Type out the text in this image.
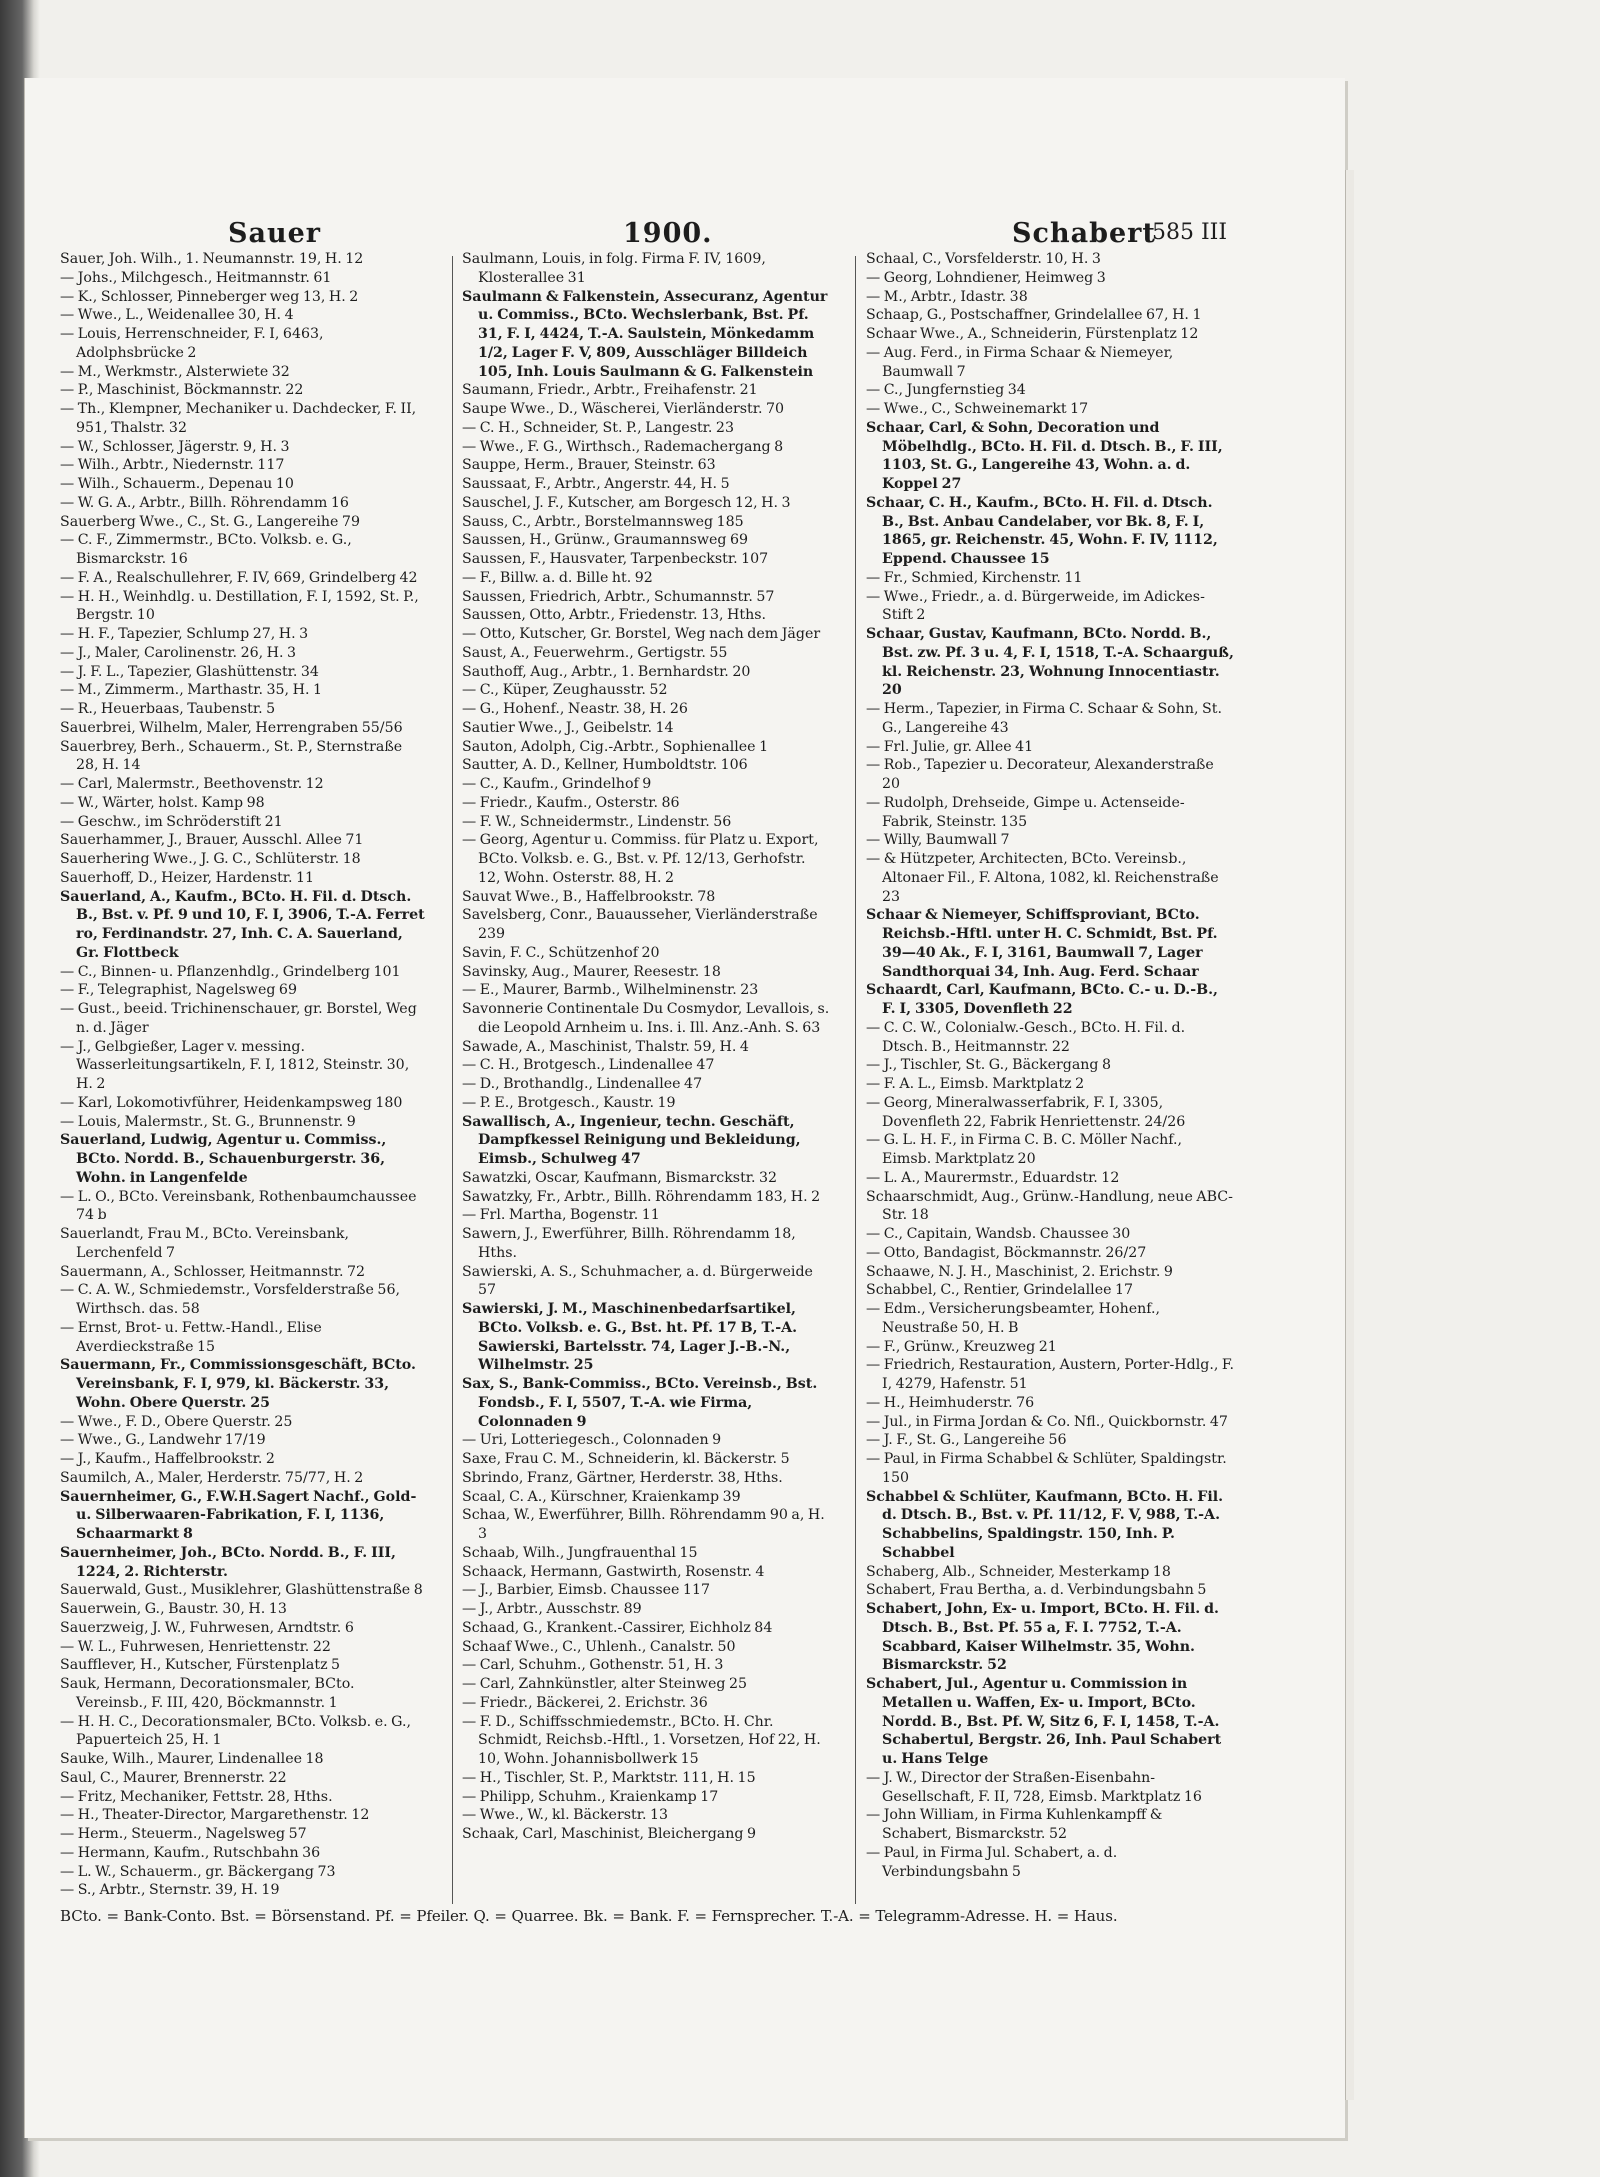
Sauer	1900.	Schabert
585 III
Sauer, Joh. Wilh., 1. Neumannstr. 19, H. 12
— Johs., Milchgesch., Heitmannstr. 61
— K., Schlosser, Pinneberger weg 13, H. 2
— Wwe., L., Weidenallee 30, H. 4
— Louis, Herrenschneider, F. I, 6463, Adolphsbrücke 2
— M., Werkmstr., Alsterwiete 32
— P., Maschinist, Böckmannstr. 22
— Th., Klempner, Mechaniker u. Dachdecker, F. II, 951, Thalstr. 32
— W., Schlosser, Jägerstr. 9, H. 3
— Wilh., Arbtr., Niedernstr. 117
— Wilh., Schauerm., Depenau 10
— W. G. A., Arbtr., Billh. Röhrendamm 16
Sauerberg Wwe., C., St. G., Langereihe 79
— C. F., Zimmermstr., BCto. Volksb. e. G., Bismarckstr. 16
— F. A., Realschullehrer, F. IV, 669, Grindelberg 42
— H. H., Weinhdlg. u. Destillation, F. I, 1592, St. P., Bergstr. 10
— H. F., Tapezier, Schlump 27, H. 3
— J., Maler, Carolinenstr. 26, H. 3
— J. F. L., Tapezier, Glashüttenstr. 34
— M., Zimmerm., Marthastr. 35, H. 1
— R., Heuerbaas, Taubenstr. 5
Sauerbrei, Wilhelm, Maler, Herrengraben 55/56
Sauerbrey, Berh., Schauerm., St. P., Sternstraße 28, H. 14
— Carl, Malermstr., Beethovenstr. 12
— W., Wärter, holst. Kamp 98
— Geschw., im Schröderstift 21
Sauerhammer, J., Brauer, Ausschl. Allee 71
Sauerhering Wwe., J. G. C., Schlüterstr. 18
Sauerhoff, D., Heizer, Hardenstr. 11
Sauerland, A., Kaufm., BCto. H. Fil. d. Dtsch. B., Bst. v. Pf. 9 und 10, F. I, 3906, T.-A. Ferret ro, Ferdinandstr. 27, Inh. C. A. Sauerland, Gr. Flottbeck
— C., Binnen- u. Pflanzenhdlg., Grindelberg 101
— F., Telegraphist, Nagelsweg 69
— Gust., beeid. Trichinenschauer, gr. Borstel, Weg n. d. Jäger
— J., Gelbgießer, Lager v. messing. Wasserleitungsartikeln, F. I, 1812, Steinstr. 30, H. 2
— Karl, Lokomotivführer, Heidenkampsweg 180
— Louis, Malermstr., St. G., Brunnenstr. 9
Sauerland, Ludwig, Agentur u. Commiss., BCto. Nordd. B., Schauenburgerstr. 36, Wohn. in Langenfelde
— L. O., BCto. Vereinsbank, Rothenbaumchaussee 74 b
Sauerlandt, Frau M., BCto. Vereinsbank, Lerchenfeld 7
Sauermann, A., Schlosser, Heitmannstr. 72
— C. A. W., Schmiedemstr., Vorsfelderstraße 56, Wirthsch. das. 58
— Ernst, Brot- u. Fettw.-Handl., Elise Averdieckstraße 15
Sauermann, Fr., Commissionsgeschäft, BCto. Vereinsbank, F. I, 979, kl. Bäckerstr. 33, Wohn. Obere Querstr. 25
— Wwe., F. D., Obere Querstr. 25
— Wwe., G., Landwehr 17/19
— J., Kaufm., Haffelbrookstr. 2
Saumilch, A., Maler, Herderstr. 75/77, H. 2
Sauernheimer, G., F.W.H.Sagert Nachf., Gold- u. Silberwaaren-Fabrikation, F. I, 1136, Schaarmarkt 8
Sauernheimer, Joh., BCto. Nordd. B., F. III, 1224, 2. Richterstr.
Sauerwald, Gust., Musiklehrer, Glashüttenstraße 8
Sauerwein, G., Baustr. 30, H. 13
Sauerzweig, J. W., Fuhrwesen, Arndtstr. 6
— W. L., Fuhrwesen, Henriettenstr. 22
Saufflever, H., Kutscher, Fürstenplatz 5
Sauk, Hermann, Decorationsmaler, BCto. Vereinsb., F. III, 420, Böckmannstr. 1
— H. H. C., Decorationsmaler, BCto. Volksb. e. G., Papuerteich 25, H. 1
Sauke, Wilh., Maurer, Lindenallee 18
Saul, C., Maurer, Brennerstr. 22
— Fritz, Mechaniker, Fettstr. 28, Hths.
— H., Theater-Director, Margarethenstr. 12
— Herm., Steuerm., Nagelsweg 57
— Hermann, Kaufm., Rutschbahn 36
— L. W., Schauerm., gr. Bäckergang 73
— S., Arbtr., Sternstr. 39, H. 19
Saulmann, Louis, in folg. Firma F. IV, 1609, Klosterallee 31
Saulmann & Falkenstein, Assecuranz, Agentur u. Commiss., BCto. Wechslerbank, Bst. Pf. 31, F. I, 4424, T.-A. Saulstein, Mönkedamm 1/2, Lager F. V, 809, Ausschläger Billdeich 105, Inh. Louis Saulmann & G. Falkenstein
Saumann, Friedr., Arbtr., Freihafenstr. 21
Saupe Wwe., D., Wäscherei, Vierländerstr. 70
— C. H., Schneider, St. P., Langestr. 23
— Wwe., F. G., Wirthsch., Rademachergang 8
Sauppe, Herm., Brauer, Steinstr. 63
Saussaat, F., Arbtr., Angerstr. 44, H. 5
Sauschel, J. F., Kutscher, am Borgesch 12, H. 3
Sauss, C., Arbtr., Borstelmannsweg 185
Saussen, H., Grünw., Graumannsweg 69
Saussen, F., Hausvater, Tarpenbeckstr. 107
— F., Billw. a. d. Bille ht. 92
Saussen, Friedrich, Arbtr., Schumannstr. 57
Saussen, Otto, Arbtr., Friedenstr. 13, Hths.
— Otto, Kutscher, Gr. Borstel, Weg nach dem Jäger
Saust, A., Feuerwehrm., Gertigstr. 55
Sauthoff, Aug., Arbtr., 1. Bernhardstr. 20
— C., Küper, Zeughausstr. 52
— G., Hohenf., Neastr. 38, H. 26
Sautier Wwe., J., Geibelstr. 14
Sauton, Adolph, Cig.-Arbtr., Sophienallee 1
Sautter, A. D., Kellner, Humboldtstr. 106
— C., Kaufm., Grindelhof 9
— Friedr., Kaufm., Osterstr. 86
— F. W., Schneidermstr., Lindenstr. 56
— Georg, Agentur u. Commiss. für Platz u. Export, BCto. Volksb. e. G., Bst. v. Pf. 12/13, Gerhofstr. 12, Wohn. Osterstr. 88, H. 2
Sauvat Wwe., B., Haffelbrookstr. 78
Savelsberg, Conr., Bauausseher, Vierländerstraße 239
Savin, F. C., Schützenhof 20
Savinsky, Aug., Maurer, Reesestr. 18
— E., Maurer, Barmb., Wilhelminenstr. 23
Savonnerie Continentale Du Cosmydor, Levallois, s. die Leopold Arnheim u. Ins. i. Ill. Anz.-Anh. S. 63
Sawade, A., Maschinist, Thalstr. 59, H. 4
— C. H., Brotgesch., Lindenallee 47
— D., Brothandlg., Lindenallee 47
— P. E., Brotgesch., Kaustr. 19
Sawallisch, A., Ingenieur, techn. Geschäft, Dampfkessel Reinigung und Bekleidung, Eimsb., Schulweg 47
Sawatzki, Oscar, Kaufmann, Bismarckstr. 32
Sawatzky, Fr., Arbtr., Billh. Röhrendamm 183, H. 2
— Frl. Martha, Bogenstr. 11
Sawern, J., Ewerführer, Billh. Röhrendamm 18, Hths.
Sawierski, A. S., Schuhmacher, a. d. Bürgerweide 57
Sawierski, J. M., Maschinenbedarfsartikel, BCto. Volksb. e. G., Bst. ht. Pf. 17 B, T.-A. Sawierski, Bartelsstr. 74, Lager J.-B.-N., Wilhelmstr. 25
Sax, S., Bank-Commiss., BCto. Vereinsb., Bst. Fondsb., F. I, 5507, T.-A. wie Firma, Colonnaden 9
— Uri, Lotteriegesch., Colonnaden 9
Saxe, Frau C. M., Schneiderin, kl. Bäckerstr. 5
Sbrindo, Franz, Gärtner, Herderstr. 38, Hths.
Scaal, C. A., Kürschner, Kraienkamp 39
Schaa, W., Ewerführer, Billh. Röhrendamm 90 a, H. 3
Schaab, Wilh., Jungfrauenthal 15
Schaack, Hermann, Gastwirth, Rosenstr. 4
— J., Barbier, Eimsb. Chaussee 117
— J., Arbtr., Ausschstr. 89
Schaad, G., Krankent.-Cassirer, Eichholz 84
Schaaf Wwe., C., Uhlenh., Canalstr. 50
— Carl, Schuhm., Gothenstr. 51, H. 3
— Carl, Zahnkünstler, alter Steinweg 25
— Friedr., Bäckerei, 2. Erichstr. 36
— F. D., Schiffsschmiedemstr., BCto. H. Chr. Schmidt, Reichsb.-Hftl., 1. Vorsetzen, Hof 22, H. 10, Wohn. Johannisbollwerk 15
— H., Tischler, St. P., Marktstr. 111, H. 15
— Philipp, Schuhm., Kraienkamp 17
— Wwe., W., kl. Bäckerstr. 13
Schaak, Carl, Maschinist, Bleichergang 9
Schaal, C., Vorsfelderstr. 10, H. 3
— Georg, Lohndiener, Heimweg 3
— M., Arbtr., Idastr. 38
Schaap, G., Postschaffner, Grindelallee 67, H. 1
Schaar Wwe., A., Schneiderin, Fürstenplatz 12
— Aug. Ferd., in Firma Schaar & Niemeyer, Baumwall 7
— C., Jungfernstieg 34
— Wwe., C., Schweinemarkt 17
Schaar, Carl, & Sohn, Decoration und Möbelhdlg., BCto. H. Fil. d. Dtsch. B., F. III, 1103, St. G., Langereihe 43, Wohn. a. d. Koppel 27
Schaar, C. H., Kaufm., BCto. H. Fil. d. Dtsch. B., Bst. Anbau Candelaber, vor Bk. 8, F. I, 1865, gr. Reichenstr. 45, Wohn. F. IV, 1112, Eppend. Chaussee 15
— Fr., Schmied, Kirchenstr. 11
— Wwe., Friedr., a. d. Bürgerweide, im Adickes-Stift 2
Schaar, Gustav, Kaufmann, BCto. Nordd. B., Bst. zw. Pf. 3 u. 4, F. I, 1518, T.-A. Schaarguß, kl. Reichenstr. 23, Wohnung Innocentiastr. 20
— Herm., Tapezier, in Firma C. Schaar & Sohn, St. G., Langereihe 43
— Frl. Julie, gr. Allee 41
— Rob., Tapezier u. Decorateur, Alexanderstraße 20
— Rudolph, Drehseide, Gimpe u. Actenseide-Fabrik, Steinstr. 135
— Willy, Baumwall 7
— & Hützpeter, Architecten, BCto. Vereinsb., Altonaer Fil., F. Altona, 1082, kl. Reichenstraße 23
Schaar & Niemeyer, Schiffsproviant, BCto. Reichsb.-Hftl. unter H. C. Schmidt, Bst. Pf. 39—40 Ak., F. I, 3161, Baumwall 7, Lager Sandthorquai 34, Inh. Aug. Ferd. Schaar
Schaardt, Carl, Kaufmann, BCto. C.- u. D.-B., F. I, 3305, Dovenfleth 22
— C. C. W., Colonialw.-Gesch., BCto. H. Fil. d. Dtsch. B., Heitmannstr. 22
— J., Tischler, St. G., Bäckergang 8
— F. A. L., Eimsb. Marktplatz 2
— Georg, Mineralwasserfabrik, F. I, 3305, Dovenfleth 22, Fabrik Henriettenstr. 24/26
— G. L. H. F., in Firma C. B. C. Möller Nachf., Eimsb. Marktplatz 20
— L. A., Maurermstr., Eduardstr. 12
Schaarschmidt, Aug., Grünw.-Handlung, neue ABC-Str. 18
— C., Capitain, Wandsb. Chaussee 30
— Otto, Bandagist, Böckmannstr. 26/27
Schaawe, N. J. H., Maschinist, 2. Erichstr. 9
Schabbel, C., Rentier, Grindelallee 17
— Edm., Versicherungsbeamter, Hohenf., Neustraße 50, H. B
— F., Grünw., Kreuzweg 21
— Friedrich, Restauration, Austern, Porter-Hdlg., F. I, 4279, Hafenstr. 51
— H., Heimhuderstr. 76
— Jul., in Firma Jordan & Co. Nfl., Quickbornstr. 47
— J. F., St. G., Langereihe 56
— Paul, in Firma Schabbel & Schlüter, Spaldingstr. 150
Schabbel & Schlüter, Kaufmann, BCto. H. Fil. d. Dtsch. B., Bst. v. Pf. 11/12, F. V, 988, T.-A. Schabbelins, Spaldingstr. 150, Inh. P. Schabbel
Schaberg, Alb., Schneider, Mesterkamp 18
Schabert, Frau Bertha, a. d. Verbindungsbahn 5
Schabert, John, Ex- u. Import, BCto. H. Fil. d. Dtsch. B., Bst. Pf. 55 a, F. I. 7752, T.-A. Scabbard, Kaiser Wilhelmstr. 35, Wohn. Bismarckstr. 52
Schabert, Jul., Agentur u. Commission in Metallen u. Waffen, Ex- u. Import, BCto. Nordd. B., Bst. Pf. W, Sitz 6, F. I, 1458, T.-A. Schabertul, Bergstr. 26, Inh. Paul Schabert u. Hans Telge
— J. W., Director der Straßen-Eisenbahn-Gesellschaft, F. II, 728, Eimsb. Marktplatz 16
— John William, in Firma Kuhlenkampff & Schabert, Bismarckstr. 52
— Paul, in Firma Jul. Schabert, a. d. Verbindungsbahn 5
BCto. = Bank-Conto. Bst. = Börsenstand. Pf. = Pfeiler. Q. = Quarree. Bk. = Bank. F. = Fernsprecher. T.-A. = Telegramm-Adresse. H. = Haus.
